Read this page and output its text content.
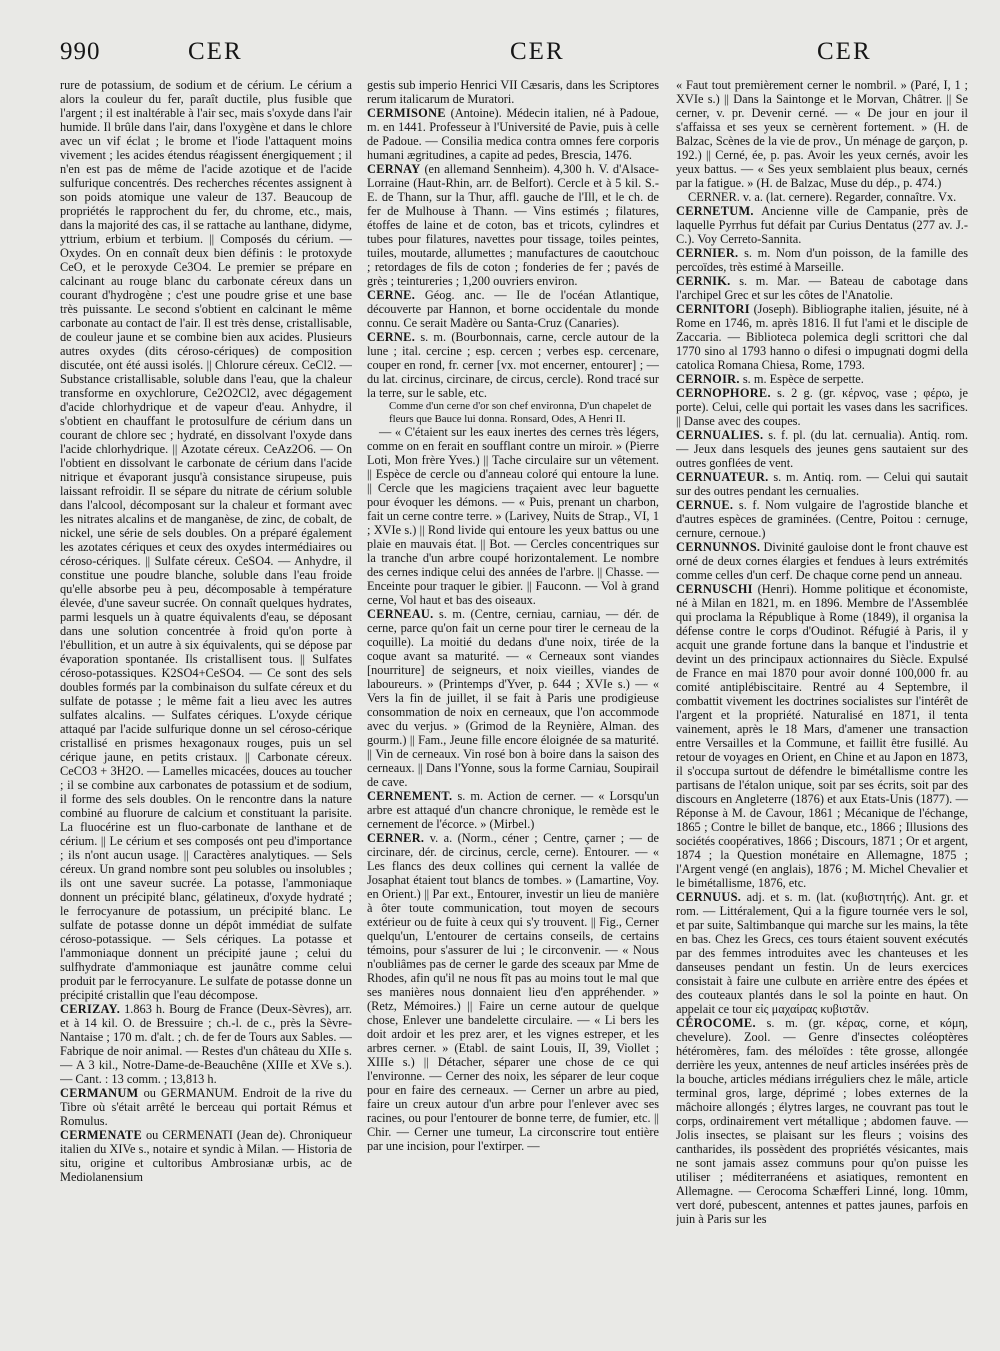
990	CER	CER	CER

rure de potassium, de sodium et de cérium. Le cérium a alors la couleur du fer, paraît ductile, plus fusible que l'argent ; il est inaltérable à l'air sec, mais s'oxyde dans l'air humide. Il brûle dans l'air, dans l'oxygène et dans le chlore avec un vif éclat ; le brome et l'iode l'attaquent moins vivement ; les acides étendus réagissent énergiquement ; il n'en est pas de même de l'acide azotique et de l'acide sulfurique concentrés. Des recherches récentes assignent à son poids atomique une valeur de 137. Beaucoup de propriétés le rapprochent du fer, du chrome, etc., mais, dans la majorité des cas, il se rattache au lanthane, didyme, yttrium, erbium et terbium. || Composés du cérium. — Oxydes. On en connaît deux bien définis : le protoxyde CeO, et le peroxyde Ce3O4. Le premier se prépare en calcinant au rouge blanc du carbonate céreux dans un courant d'hydrogène ; c'est une poudre grise et une base très puissante. Le second s'obtient en calcinant le même carbonate au contact de l'air. Il est très dense, cristallisable, de couleur jaune et se combine bien aux acides. Plusieurs autres oxydes (dits céroso-cériques) de composition discutée, ont été aussi isolés. || Chlorure céreux. CeCl2. — Substance cristallisable, soluble dans l'eau, que la chaleur transforme en oxychlorure, Ce2O2Cl2, avec dégagement d'acide chlorhydrique et de vapeur d'eau. Anhydre, il s'obtient en chauffant le protosulfure de cérium dans un courant de chlore sec ; hydraté, en dissolvant l'oxyde dans l'acide chlorhydrique. || Azotate céreux. CeAz2O6. — On l'obtient en dissolvant le carbonate de cérium dans l'acide nitrique et évaporant jusqu'à consistance sirupeuse, puis laissant refroidir. Il se sépare du nitrate de cérium soluble dans l'alcool, décomposant sur la chaleur et formant avec les nitrates alcalins et de manganèse, de zinc, de cobalt, de nickel, une série de sels doubles. On a préparé également les azotates cériques et ceux des oxydes intermédiaires ou céroso-cériques. || Sulfate céreux. CeSO4. — Anhydre, il constitue une poudre blanche, soluble dans l'eau froide qu'elle absorbe peu à peu, décomposable à température élevée, d'une saveur sucrée. On connaît quelques hydrates, parmi lesquels un à quatre équivalents d'eau, se déposant dans une solution concentrée à froid qu'on porte à l'ébullition, et un autre à six équivalents, qui se dépose par évaporation spontanée. Ils cristallisent tous. || Sulfates céroso-potassiques. K2SO4+CeSO4. — Ce sont des sels doubles formés par la combinaison du sulfate céreux et du sulfate de potasse ; le même fait a lieu avec les autres sulfates alcalins. — Sulfates cériques. L'oxyde cérique attaqué par l'acide sulfurique donne un sel céroso-cérique cristallisé en prismes hexagonaux rouges, puis un sel cérique jaune, en petits cristaux. || Carbonate céreux. CeCO3 + 3H2O. — Lamelles micacées, douces au toucher ; il se combine aux carbonates de potassium et de sodium, il forme des sels doubles. On le rencontre dans la nature combiné au fluorure de calcium et constituant la parisite. La fluocérine est un fluo-carbonate de lanthane et de cérium. || Le cérium et ses composés ont peu d'importance ; ils n'ont aucun usage. || Caractères analytiques. — Sels céreux. Un grand nombre sont peu solubles ou insolubles ; ils ont une saveur sucrée. La potasse, l'ammoniaque donnent un précipité blanc, gélatineux, d'oxyde hydraté ; le ferrocyanure de potassium, un précipité blanc. Le sulfate de potasse donne un dépôt immédiat de sulfate céroso-potassique. — Sels cériques. La potasse et l'ammoniaque donnent un précipité jaune ; celui du sulfhydrate d'ammoniaque est jaunâtre comme celui produit par le ferrocyanure. Le sulfate de potasse donne un précipité cristallin que l'eau décompose.

CERIZAY. 1.863 h. Bourg de France (Deux-Sèvres), arr. et à 14 kil. O. de Bressuire ; ch.-l. de c., près la Sèvre-Nantaise ; 170 m. d'alt. ; ch. de fer de Tours aux Sables. — Fabrique de noir animal. — Restes d'un château du XIIe s. — A 3 kil., Notre-Dame-de-Beauchêne (XIIIe et XVe s.). — Cant. : 13 comm. ; 13,813 h.

CERMANUM ou GERMANUM. Endroit de la rive du Tibre où s'était arrêté le berceau qui portait Rémus et Romulus.

CERMENATE ou CERMENATI (Jean de). Chroniqueur italien du XIVe s., notaire et syndic à Milan. — Historia de situ, origine et cultoribus Ambrosianæ urbis, ac de Mediolanensium

gestis sub imperio Henrici VII Cæsaris, dans les Scriptores rerum italicarum de Muratori.

CERMISONE (Antoine). Médecin italien, né à Padoue, m. en 1441. Professeur à l'Université de Pavie, puis à celle de Padoue. — Consilia medica contra omnes fere corporis humani ægritudines, a capite ad pedes, Brescia, 1476.

CERNAY (en allemand Sennheim). 4,300 h. V. d'Alsace-Lorraine (Haut-Rhin, arr. de Belfort). Cercle et à 5 kil. S.-E. de Thann, sur la Thur, affl. gauche de l'Ill, et le ch. de fer de Mulhouse à Thann. — Vins estimés ; filatures, étoffes de laine et de coton, bas et tricots, cylindres et tubes pour filatures, navettes pour tissage, toiles peintes, tuiles, moutarde, allumettes ; manufactures de caoutchouc ; retordages de fils de coton ; fonderies de fer ; pavés de grès ; teintureries ; 1,200 ouvriers environ.

CERNE. Géog. anc. — Ile de l'océan Atlantique, découverte par Hannon, et borne occidentale du monde connu. Ce serait Madère ou Santa-Cruz (Canaries).

CERNE. s. m. (Bourbonnais, carne, cercle autour de la lune ; ital. cercine ; esp. cercen ; verbes esp. cercenare, couper en rond, fr. cerner [vx. mot encerner, entourer] ; — du lat. circinus, circinare, de circus, cercle). Rond tracé sur la terre, sur le sable, etc.

Comme d'un cerne d'or son chef environna, D'un chapelet de fleurs que Bauce lui donna. Ronsard, Odes, A Henri II.

— « C'étaient sur les eaux inertes des cernes très légers, comme on en ferait en soufflant contre un miroir. » (Pierre Loti, Mon frère Yves.) || Tache circulaire sur un vêtement. || Espèce de cercle ou d'anneau coloré qui entoure la lune. || Cercle que les magiciens traçaient avec leur baguette pour évoquer les démons. — « Puis, prenant un charbon, fait un cerne contre terre. » (Larivey, Nuits de Strap., VI, 1 ; XVIe s.) || Rond livide qui entoure les yeux battus ou une plaie en mauvais état. || Bot. — Cercles concentriques sur la tranche d'un arbre coupé horizontalement. Le nombre des cernes indique celui des années de l'arbre. || Chasse. — Enceinte pour traquer le gibier. || Fauconn. — Vol à grand cerne, Vol haut et bas des oiseaux.

CERNEAU. s. m. (Centre, cerniau, carniau, — dér. de cerne, parce qu'on fait un cerne pour tirer le cerneau de la coquille). La moitié du dedans d'une noix, tirée de la coque avant sa maturité. — « Cerneaux sont viandes [nourriture] de seigneurs, et noix vieilles, viandes de laboureurs. » (Printemps d'Yver, p. 644 ; XVIe s.) — « Vers la fin de juillet, il se fait à Paris une prodigieuse consommation de noix en cerneaux, que l'on accommode avec du verjus. » (Grimod de la Reynière, Alman. des gourm.) || Fam., Jeune fille encore éloignée de sa maturité. || Vin de cerneaux. Vin rosé bon à boire dans la saison des cerneaux. || Dans l'Yonne, sous la forme Carniau, Soupirail de cave.

CERNEMENT. s. m. Action de cerner. — « Lorsqu'un arbre est attaqué d'un chancre chronique, le remède est le cernement de l'écorce. » (Mirbel.)

CERNER. v. a. (Norm., céner ; Centre, çarner ; — de circinare, dér. de circinus, cercle, cerne). Entourer. — « Les flancs des deux collines qui cernent la vallée de Josaphat étaient tout blancs de tombes. » (Lamartine, Voy. en Orient.) || Par ext., Entourer, investir un lieu de manière à ôter toute communication, tout moyen de secours extérieur ou de fuite à ceux qui s'y trouvent. || Fig., Cerner quelqu'un, L'entourer de certains conseils, de certains témoins, pour s'assurer de lui ; le circonvenir. — « Nous n'oubliâmes pas de cerner le garde des sceaux par Mme de Rhodes, afin qu'il ne nous fît pas au moins tout le mal que ses manières nous donnaient lieu d'en appréhender. » (Retz, Mémoires.) || Faire un cerne autour de quelque chose, Enlever une bandelette circulaire. — « Li bers les doit ardoir et les prez arer, et les vignes estreper, et les arbres cerner. » (Etabl. de saint Louis, II, 39, Viollet ; XIIIe s.) || Détacher, séparer une chose de ce qui l'environne. — Cerner des noix, les séparer de leur coque pour en faire des cerneaux. — Cerner un arbre au pied, faire un creux autour d'un arbre pour l'enlever avec ses racines, ou pour l'entourer de bonne terre, de fumier, etc. || Chir. — Cerner une tumeur, La circonscrire tout entière par une incision, pour l'extirper. —

« Faut tout premièrement cerner le nombril. » (Paré, I, 1 ; XVIe s.) || Dans la Saintonge et le Morvan, Châtrer. || Se cerner, v. pr. Devenir cerné. — « De jour en jour il s'affaissa et ses yeux se cernèrent fortement. » (H. de Balzac, Scènes de la vie de prov., Un ménage de garçon, p. 192.) || Cerné, ée, p. pas. Avoir les yeux cernés, avoir les yeux battus. — « Ses yeux semblaient plus beaux, cernés par la fatigue. » (H. de Balzac, Muse du dép., p. 474.)

CERNER. v. a. (lat. cernere). Regarder, connaître. Vx.

CERNETUM. Ancienne ville de Campanie, près de laquelle Pyrrhus fut défait par Curius Dentatus (277 av. J.-C.). Voy Cerreto-Sannita.

CERNIER. s. m. Nom d'un poisson, de la famille des percoïdes, très estimé à Marseille.

CERNIK. s. m. Mar. — Bateau de cabotage dans l'archipel Grec et sur les côtes de l'Anatolie.

CERNITORI (Joseph). Bibliographe italien, jésuite, né à Rome en 1746, m. après 1816. Il fut l'ami et le disciple de Zaccaria. — Biblioteca polemica degli scrittori che dal 1770 sino al 1793 hanno o difesi o impugnati dogmi della catolica Romana Chiesa, Rome, 1793.

CERNOIR. s. m. Espèce de serpette.

CERNOPHORE. s. 2 g. (gr. κέρνος, vase ; φέρω, je porte). Celui, celle qui portait les vases dans les sacrifices. || Danse avec des coupes.

CERNUALIES. s. f. pl. (du lat. cernualia). Antiq. rom. — Jeux dans lesquels des jeunes gens sautaient sur des outres gonflées de vent.

CERNUATEUR. s. m. Antiq. rom. — Celui qui sautait sur des outres pendant les cernualies.

CERNUE. s. f. Nom vulgaire de l'agrostide blanche et d'autres espèces de graminées. (Centre, Poitou : cernuge, cernure, cernoue.)

CERNUNNOS. Divinité gauloise dont le front chauve est orné de deux cornes élargies et fendues à leurs extrémités comme celles d'un cerf. De chaque corne pend un anneau.

CERNUSCHI (Henri). Homme politique et économiste, né à Milan en 1821, m. en 1896. Membre de l'Assemblée qui proclama la République à Rome (1849), il organisa la défense contre le corps d'Oudinot. Réfugié à Paris, il y acquit une grande fortune dans la banque et l'industrie et devint un des principaux actionnaires du Siècle. Expulsé de France en mai 1870 pour avoir donné 100,000 fr. au comité antiplébiscitaire. Rentré au 4 Septembre, il combattit vivement les doctrines socialistes sur l'intérêt de l'argent et la propriété. Naturalisé en 1871, il tenta vainement, après le 18 Mars, d'amener une transaction entre Versailles et la Commune, et faillit être fusillé. Au retour de voyages en Orient, en Chine et au Japon en 1873, il s'occupa surtout de défendre le bimétallisme contre les partisans de l'étalon unique, soit par ses écrits, soit par des discours en Angleterre (1876) et aux Etats-Unis (1877). — Réponse à M. de Cavour, 1861 ; Mécanique de l'échange, 1865 ; Contre le billet de banque, etc., 1866 ; Illusions des sociétés coopératives, 1866 ; Discours, 1871 ; Or et argent, 1874 ; la Question monétaire en Allemagne, 1875 ; l'Argent vengé (en anglais), 1876 ; M. Michel Chevalier et le bimétallisme, 1876, etc.

CERNUUS. adj. et s. m. (lat. (κυβιστητής). Ant. gr. et rom. — Littéralement, Qui a la figure tournée vers le sol, et par suite, Saltimbanque qui marche sur les mains, la tête en bas. Chez les Grecs, ces tours étaient souvent exécutés par des femmes introduites avec les chanteuses et les danseuses pendant un festin. Un de leurs exercices consistait à faire une culbute en arrière entre des épées et des couteaux plantés dans le sol la pointe en haut. On appelait ce tour εἰς μαχαίρας κυβιστᾶν.

CÉROCOME. s. m. (gr. κέρας, corne, et κόμη, chevelure). Zool. — Genre d'insectes coléoptères hétéromères, fam. des méloïdes : tête grosse, allongée derrière les yeux, antennes de neuf articles insérées près de la bouche, articles médians irréguliers chez le mâle, article terminal gros, large, déprimé ; lobes externes de la mâchoire allongés ; élytres larges, ne couvrant pas tout le corps, ordinairement vert métallique ; abdomen fauve. — Jolis insectes, se plaisant sur les fleurs ; voisins des cantharides, ils possèdent des propriétés vésicantes, mais ne sont jamais assez communs pour qu'on puisse les utiliser ; méditerranéens et asiatiques, remontent en Allemagne. — Cerocoma Schæfferi Linné, long. 10mm, vert doré, pubescent, antennes et pattes jaunes, parfois en juin à Paris sur les
